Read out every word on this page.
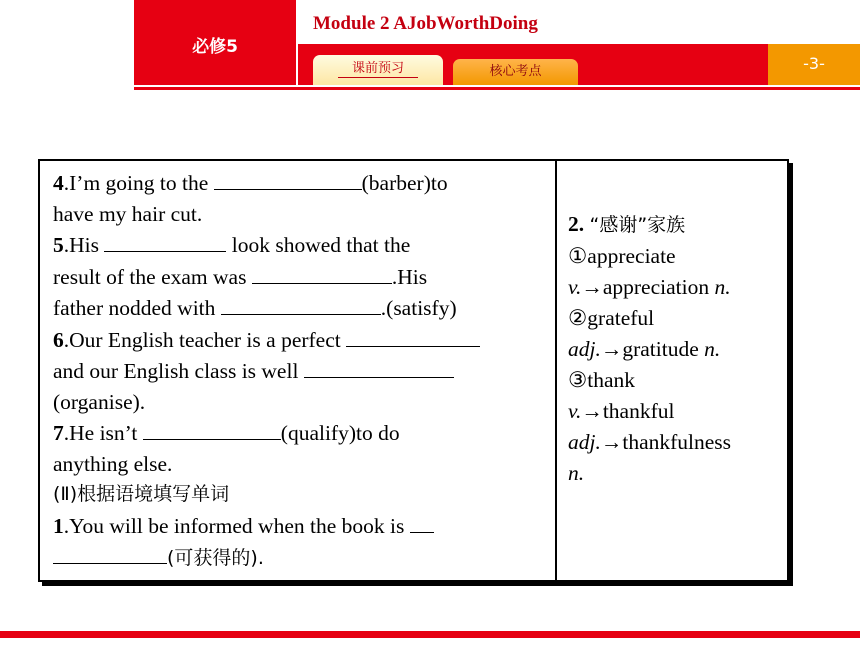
必修5
Module 2 AJobWorthDoing
-3-
课前预习	核心考点
4.I’m going to the	(barber)to
have my hair cut.
5.His	look showed that the
result of the exam was	.His
father nodded with	.(satisfy)
6.Our English teacher is a perfect
and our English class is well
(organise).
7.He isn’t	(qualify)to do
anything else.
(Ⅱ)根据语境填写单词
1.You will be informed when the book is
(可获得的).
2. “感谢”家族
①appreciate
v.→appreciation n.
②grateful
adj.→gratitude n.
③thank
v.→thankful
adj.→thankfulness
n.
